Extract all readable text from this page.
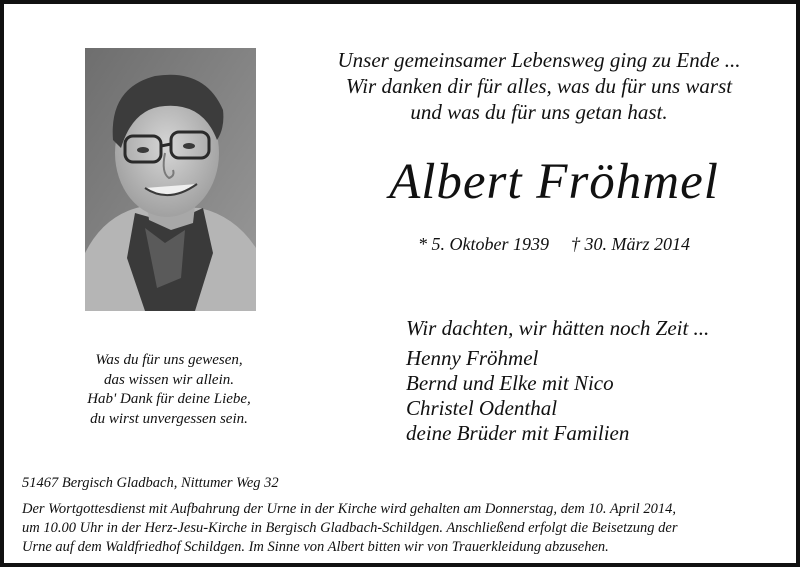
Unser gemeinsamer Lebensweg ging zu Ende ...
Wir danken dir für alles, was du für uns warst
und was du für uns getan hast.
Albert Fröhmel
* 5. Oktober 1939 † 30. März 2014
Was du für uns gewesen,
das wissen wir allein.
Hab' Dank für deine Liebe,
du wirst unvergessen sein.
Wir dachten, wir hätten noch Zeit ...
Henny Fröhmel
Bernd und Elke mit Nico
Christel Odenthal
deine Brüder mit Familien
51467 Bergisch Gladbach, Nittumer Weg 32
Der Wortgottesdienst mit Aufbahrung der Urne in der Kirche wird gehalten am Donnerstag, dem 10. April 2014,
um 10.00 Uhr in der Herz-Jesu-Kirche in Bergisch Gladbach-Schildgen. Anschließend erfolgt die Beisetzung der
Urne auf dem Waldfriedhof Schildgen. Im Sinne von Albert bitten wir von Trauerkleidung abzusehen.
